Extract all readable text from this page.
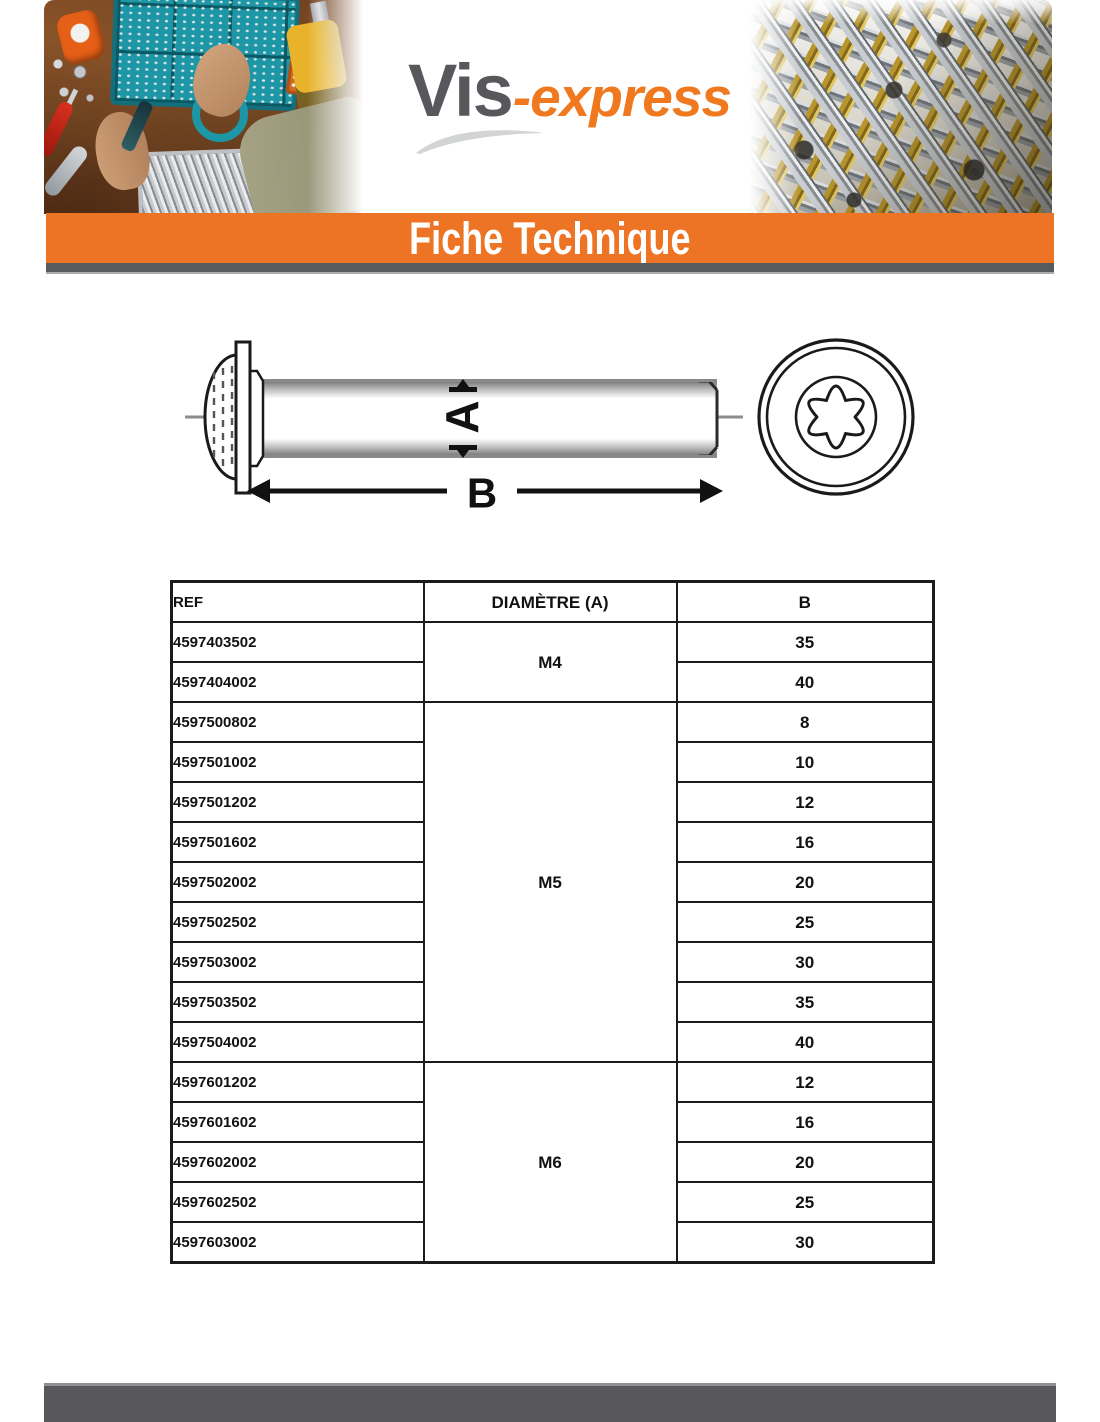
Vis -express
Fiche Technique
A
B
REF	DIAMÈTRE (A)	B
4597403502	M4	35
4597404002		40
4597500802	M5	8
4597501002		10
4597501202		12
4597501602		16
4597502002		20
4597502502		25
4597503002		30
4597503502		35
4597504002		40
4597601202	M6	12
4597601602		16
4597602002		20
4597602502		25
4597603002		30
